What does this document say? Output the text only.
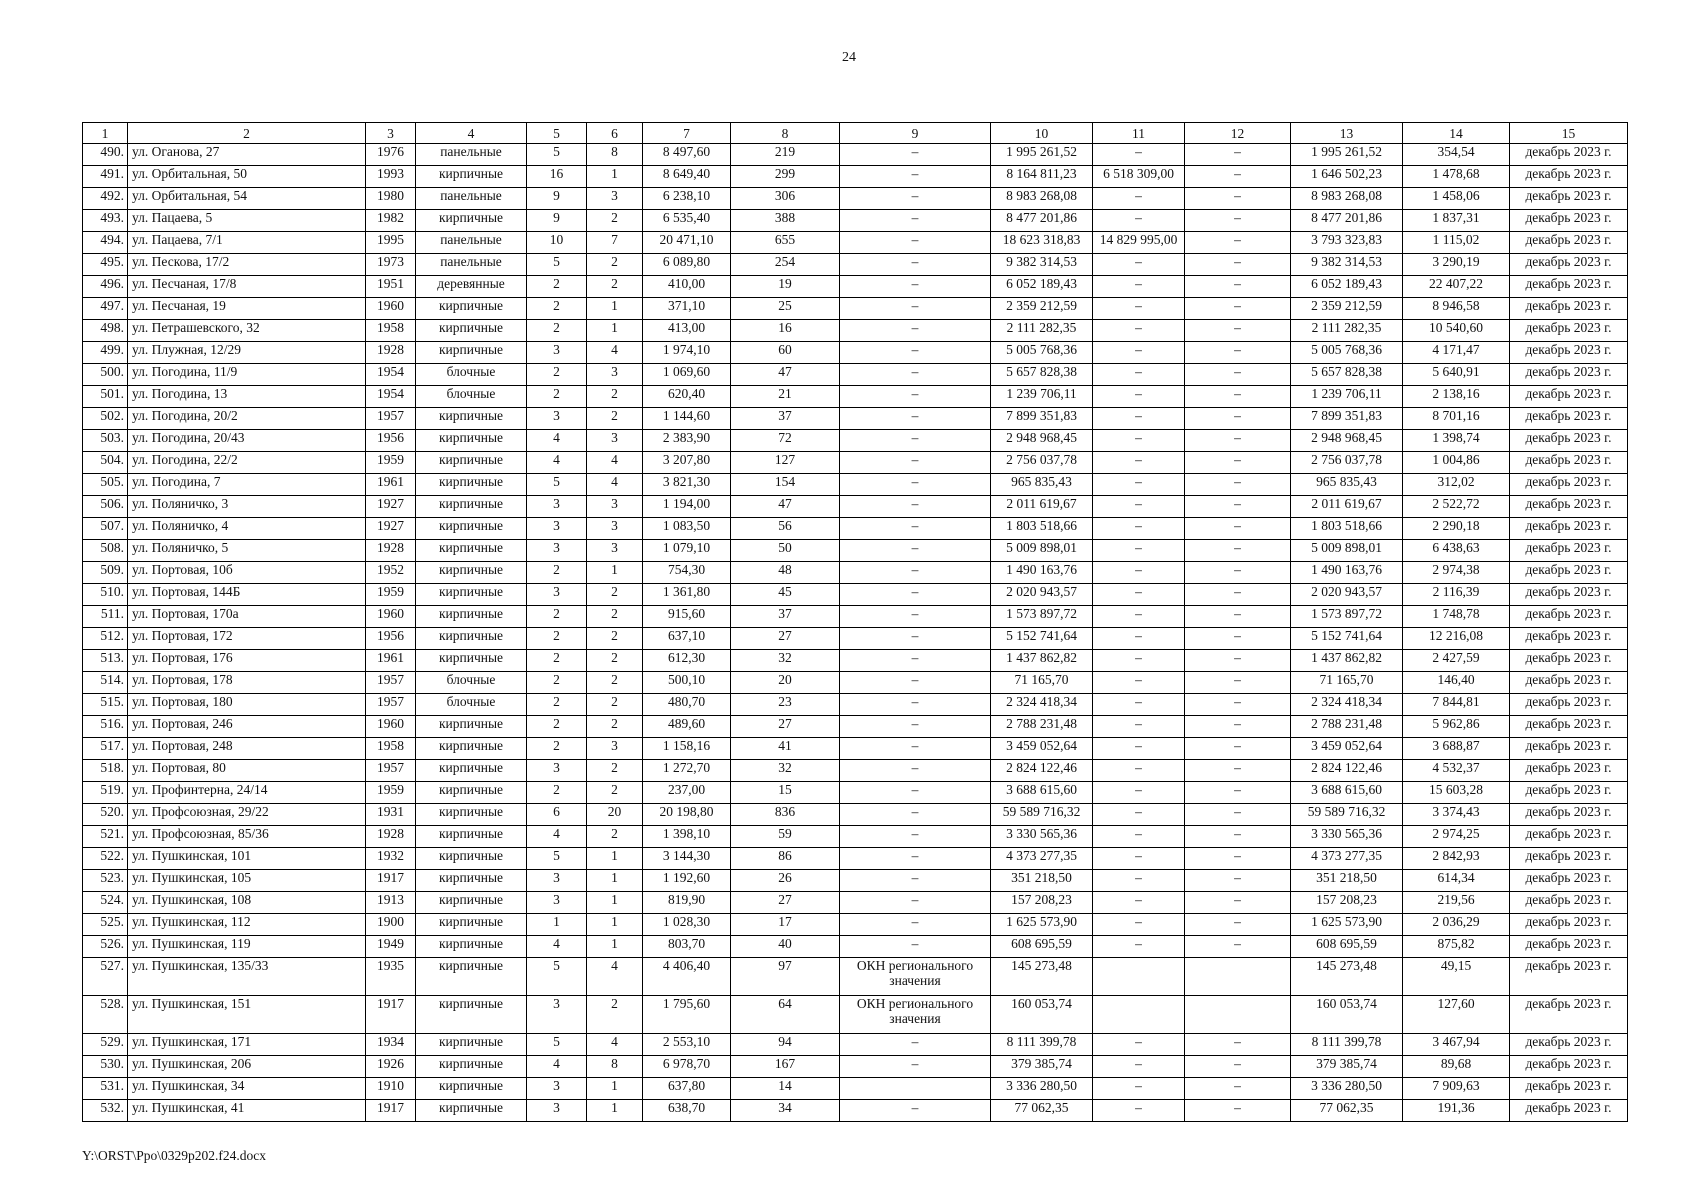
24
1	2	3	4	5	6	7	8	9	10	11	12	13	14	15
490.	ул. Оганова, 27	1976	панельные	5	8	8 497,60	219	–	1 995 261,52	–	–	1 995 261,52	354,54	декабрь 2023 г.
491.	ул. Орбитальная, 50	1993	кирпичные	16	1	8 649,40	299	–	8 164 811,23	6 518 309,00	–	1 646 502,23	1 478,68	декабрь 2023 г.
492.	ул. Орбитальная, 54	1980	панельные	9	3	6 238,10	306	–	8 983 268,08	–	–	8 983 268,08	1 458,06	декабрь 2023 г.
493.	ул. Пацаева, 5	1982	кирпичные	9	2	6 535,40	388	–	8 477 201,86	–	–	8 477 201,86	1 837,31	декабрь 2023 г.
494.	ул. Пацаева, 7/1	1995	панельные	10	7	20 471,10	655	–	18 623 318,83	14 829 995,00	–	3 793 323,83	1 115,02	декабрь 2023 г.
495.	ул. Пескова, 17/2	1973	панельные	5	2	6 089,80	254	–	9 382 314,53	–	–	9 382 314,53	3 290,19	декабрь 2023 г.
496.	ул. Песчаная, 17/8	1951	деревянные	2	2	410,00	19	–	6 052 189,43	–	–	6 052 189,43	22 407,22	декабрь 2023 г.
497.	ул. Песчаная, 19	1960	кирпичные	2	1	371,10	25	–	2 359 212,59	–	–	2 359 212,59	8 946,58	декабрь 2023 г.
498.	ул. Петрашевского, 32	1958	кирпичные	2	1	413,00	16	–	2 111 282,35	–	–	2 111 282,35	10 540,60	декабрь 2023 г.
499.	ул. Плужная, 12/29	1928	кирпичные	3	4	1 974,10	60	–	5 005 768,36	–	–	5 005 768,36	4 171,47	декабрь 2023 г.
500.	ул. Погодина, 11/9	1954	блочные	2	3	1 069,60	47	–	5 657 828,38	–	–	5 657 828,38	5 640,91	декабрь 2023 г.
501.	ул. Погодина, 13	1954	блочные	2	2	620,40	21	–	1 239 706,11	–	–	1 239 706,11	2 138,16	декабрь 2023 г.
502.	ул. Погодина, 20/2	1957	кирпичные	3	2	1 144,60	37	–	7 899 351,83	–	–	7 899 351,83	8 701,16	декабрь 2023 г.
503.	ул. Погодина, 20/43	1956	кирпичные	4	3	2 383,90	72	–	2 948 968,45	–	–	2 948 968,45	1 398,74	декабрь 2023 г.
504.	ул. Погодина, 22/2	1959	кирпичные	4	4	3 207,80	127	–	2 756 037,78	–	–	2 756 037,78	1 004,86	декабрь 2023 г.
505.	ул. Погодина, 7	1961	кирпичные	5	4	3 821,30	154	–	965 835,43	–	–	965 835,43	312,02	декабрь 2023 г.
506.	ул. Поляничко, 3	1927	кирпичные	3	3	1 194,00	47	–	2 011 619,67	–	–	2 011 619,67	2 522,72	декабрь 2023 г.
507.	ул. Поляничко, 4	1927	кирпичные	3	3	1 083,50	56	–	1 803 518,66	–	–	1 803 518,66	2 290,18	декабрь 2023 г.
508.	ул. Поляничко, 5	1928	кирпичные	3	3	1 079,10	50	–	5 009 898,01	–	–	5 009 898,01	6 438,63	декабрь 2023 г.
509.	ул. Портовая, 10б	1952	кирпичные	2	1	754,30	48	–	1 490 163,76	–	–	1 490 163,76	2 974,38	декабрь 2023 г.
510.	ул. Портовая, 144Б	1959	кирпичные	3	2	1 361,80	45	–	2 020 943,57	–	–	2 020 943,57	2 116,39	декабрь 2023 г.
511.	ул. Портовая, 170а	1960	кирпичные	2	2	915,60	37	–	1 573 897,72	–	–	1 573 897,72	1 748,78	декабрь 2023 г.
512.	ул. Портовая, 172	1956	кирпичные	2	2	637,10	27	–	5 152 741,64	–	–	5 152 741,64	12 216,08	декабрь 2023 г.
513.	ул. Портовая, 176	1961	кирпичные	2	2	612,30	32	–	1 437 862,82	–	–	1 437 862,82	2 427,59	декабрь 2023 г.
514.	ул. Портовая, 178	1957	блочные	2	2	500,10	20	–	71 165,70	–	–	71 165,70	146,40	декабрь 2023 г.
515.	ул. Портовая, 180	1957	блочные	2	2	480,70	23	–	2 324 418,34	–	–	2 324 418,34	7 844,81	декабрь 2023 г.
516.	ул. Портовая, 246	1960	кирпичные	2	2	489,60	27	–	2 788 231,48	–	–	2 788 231,48	5 962,86	декабрь 2023 г.
517.	ул. Портовая, 248	1958	кирпичные	2	3	1 158,16	41	–	3 459 052,64	–	–	3 459 052,64	3 688,87	декабрь 2023 г.
518.	ул. Портовая, 80	1957	кирпичные	3	2	1 272,70	32	–	2 824 122,46	–	–	2 824 122,46	4 532,37	декабрь 2023 г.
519.	ул. Профинтерна, 24/14	1959	кирпичные	2	2	237,00	15	–	3 688 615,60	–	–	3 688 615,60	15 603,28	декабрь 2023 г.
520.	ул. Профсоюзная, 29/22	1931	кирпичные	6	20	20 198,80	836	–	59 589 716,32	–	–	59 589 716,32	3 374,43	декабрь 2023 г.
521.	ул. Профсоюзная, 85/36	1928	кирпичные	4	2	1 398,10	59	–	3 330 565,36	–	–	3 330 565,36	2 974,25	декабрь 2023 г.
522.	ул. Пушкинская, 101	1932	кирпичные	5	1	3 144,30	86	–	4 373 277,35	–	–	4 373 277,35	2 842,93	декабрь 2023 г.
523.	ул. Пушкинская, 105	1917	кирпичные	3	1	1 192,60	26	–	351 218,50	–	–	351 218,50	614,34	декабрь 2023 г.
524.	ул. Пушкинская, 108	1913	кирпичные	3	1	819,90	27	–	157 208,23	–	–	157 208,23	219,56	декабрь 2023 г.
525.	ул. Пушкинская, 112	1900	кирпичные	1	1	1 028,30	17	–	1 625 573,90	–	–	1 625 573,90	2 036,29	декабрь 2023 г.
526.	ул. Пушкинская, 119	1949	кирпичные	4	1	803,70	40	–	608 695,59	–	–	608 695,59	875,82	декабрь 2023 г.
527.	ул. Пушкинская, 135/33	1935	кирпичные	5	4	4 406,40	97	ОКН регионального значения	145 273,48			145 273,48	49,15	декабрь 2023 г.
528.	ул. Пушкинская, 151	1917	кирпичные	3	2	1 795,60	64	ОКН регионального значения	160 053,74			160 053,74	127,60	декабрь 2023 г.
529.	ул. Пушкинская, 171	1934	кирпичные	5	4	2 553,10	94	–	8 111 399,78	–	–	8 111 399,78	3 467,94	декабрь 2023 г.
530.	ул. Пушкинская, 206	1926	кирпичные	4	8	6 978,70	167	–	379 385,74	–	–	379 385,74	89,68	декабрь 2023 г.
531.	ул. Пушкинская, 34	1910	кирпичные	3	1	637,80	14		3 336 280,50	–	–	3 336 280,50	7 909,63	декабрь 2023 г.
532.	ул. Пушкинская, 41	1917	кирпичные	3	1	638,70	34	–	77 062,35	–	–	77 062,35	191,36	декабрь 2023 г.
Y:\ORST\Ppo\0329p202.f24.docx
